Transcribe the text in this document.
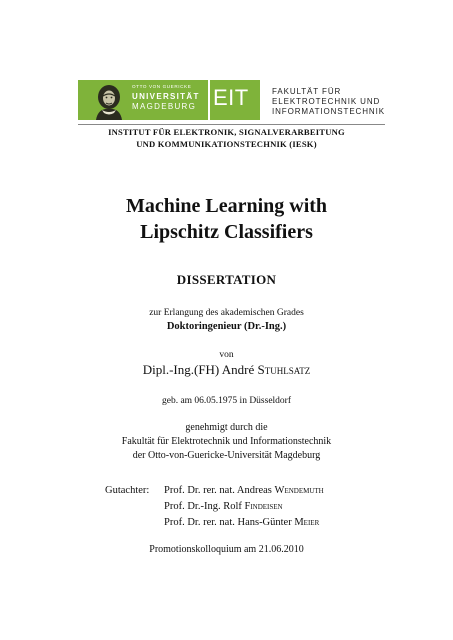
OTTO VON GUERICKE
UNIVERSITÄT
MAGDEBURG EIT	FAKULTÄT FÜR
ELEKTROTECHNIK UND
INFORMATIONSTECHNIK
INSTITUT FÜR ELEKTRONIK, SIGNALVERARBEITUNG
UND KOMMUNIKATIONSTECHNIK (IESK)
Machine Learning with
Lipschitz Classifiers
DISSERTATION
zur Erlangung des akademischen Grades
Doktoringenieur (Dr.-Ing.)
von
Dipl.-Ing.(FH) André Stuhlsatz
geb. am 06.05.1975 in Düsseldorf
genehmigt durch die
Fakultät für Elektrotechnik und Informationstechnik
der Otto-von-Guericke-Universität Magdeburg
Gutachter: Prof. Dr. rer. nat. Andreas Wendemuth
Prof. Dr.-Ing. Rolf Findeisen
Prof. Dr. rer. nat. Hans-Günter Meier
Promotionskolloquium am 21.06.2010
